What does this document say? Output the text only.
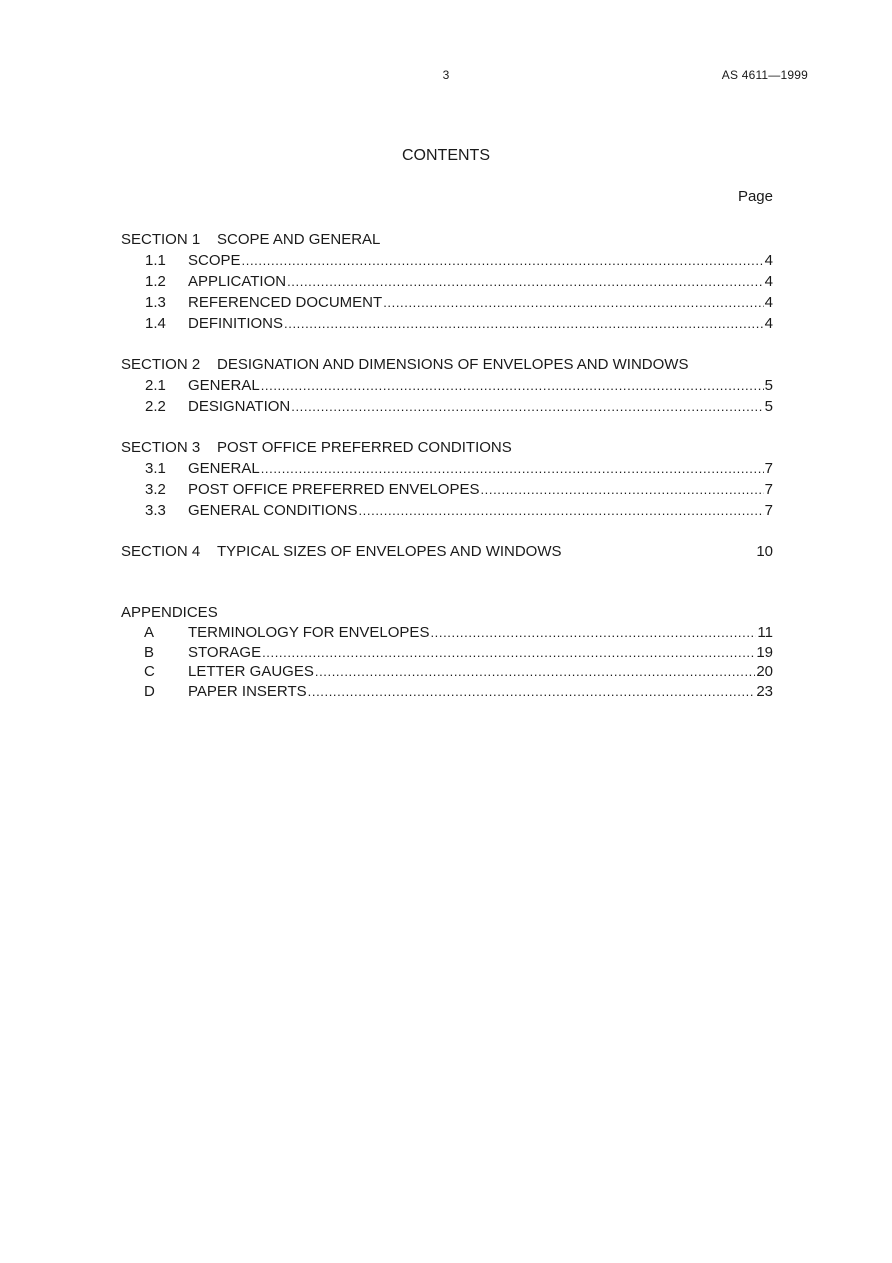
3	AS 4611—1999
CONTENTS
Page
SECTION 1 SCOPE AND GENERAL
1.1	SCOPE .....	4
1.2	APPLICATION .....	4
1.3	REFERENCED DOCUMENT .....	4
1.4	DEFINITIONS .....	4
SECTION 2 DESIGNATION AND DIMENSIONS OF ENVELOPES AND WINDOWS
2.1	GENERAL .....	5
2.2	DESIGNATION .....	5
SECTION 3 POST OFFICE PREFERRED CONDITIONS
3.1	GENERAL .....	7
3.2	POST OFFICE PREFERRED ENVELOPES .....	7
3.3	GENERAL CONDITIONS .....	7
SECTION 4	TYPICAL SIZES OF ENVELOPES AND WINDOWS	10
APPENDICES
A	TERMINOLOGY FOR ENVELOPES .....	11
B	STORAGE .....	19
C	LETTER GAUGES .....	20
D	PAPER INSERTS .....	23
